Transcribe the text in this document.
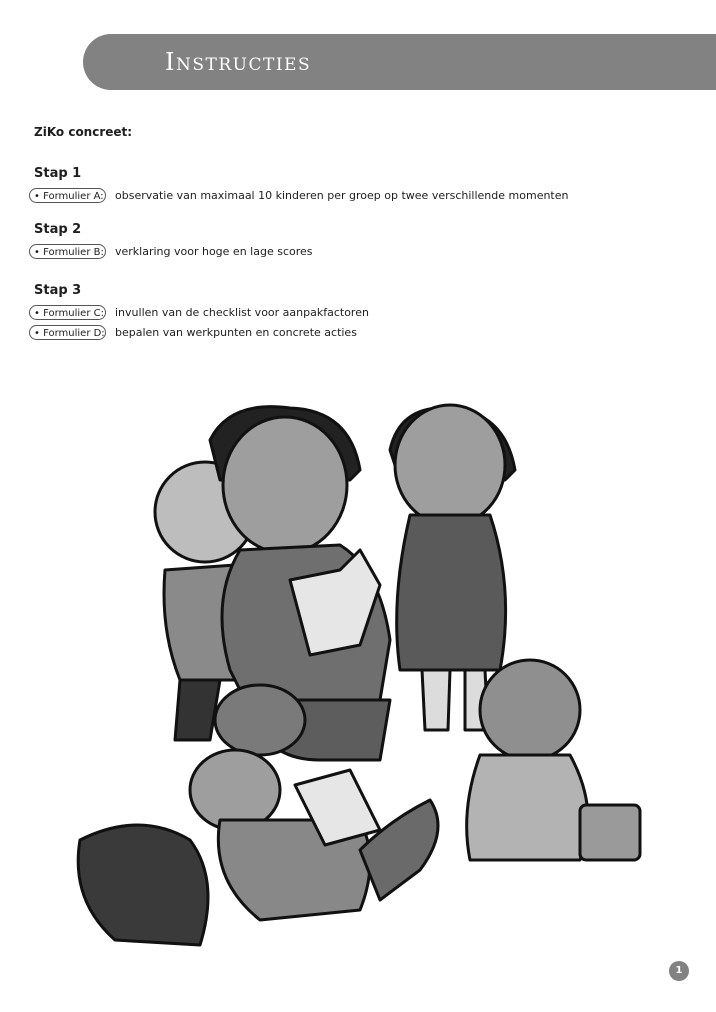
Instructies
ZiKo concreet:
Stap 1
• Formulier A: observatie van maximaal 10 kinderen per groep op twee verschillende momenten
Stap 2
• Formulier B: verklaring voor hoge en lage scores
Stap 3
• Formulier C: invullen van de checklist voor aanpakfactoren
• Formulier D: bepalen van werkpunten en concrete acties
1
